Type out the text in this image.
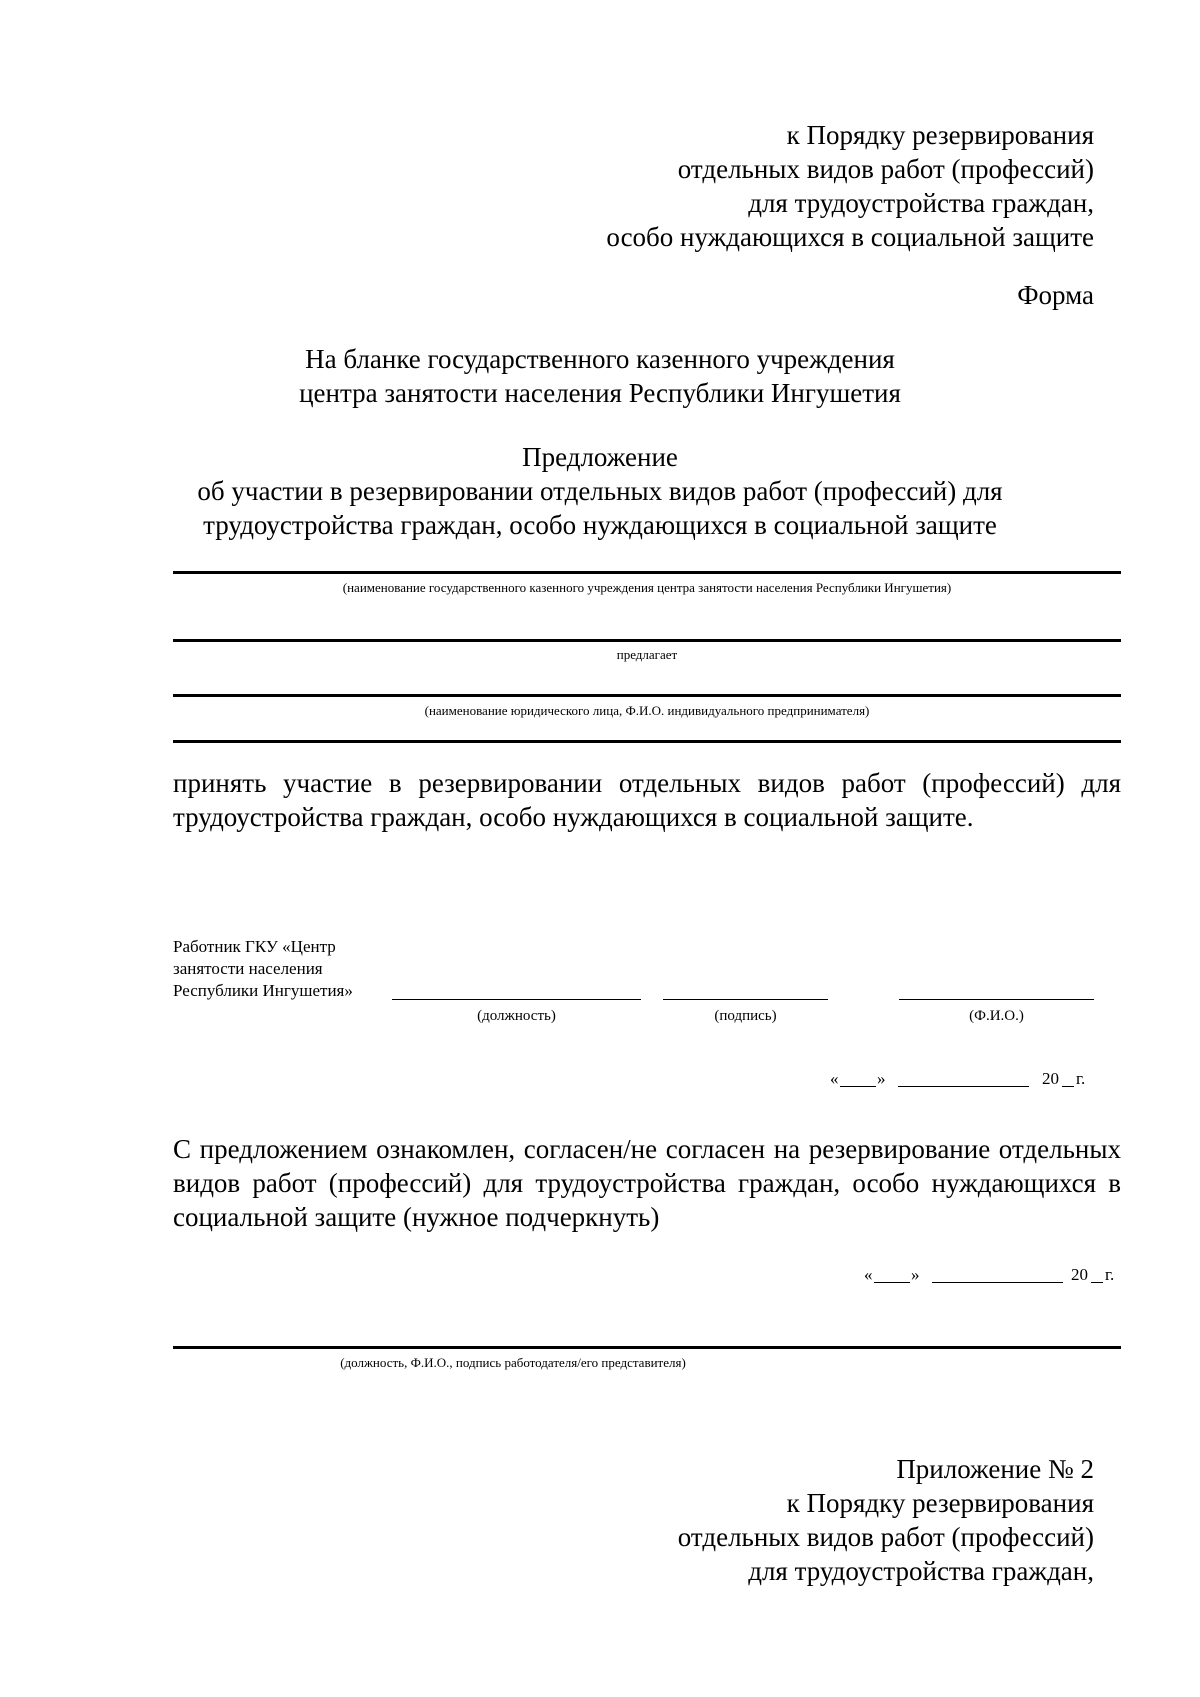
к Порядку резервирования
отдельных видов работ (профессий)
для трудоустройства граждан,
особо нуждающихся в социальной защите
Форма
На бланке государственного казенного учреждения
центра занятости населения Республики Ингушетия
Предложение
об участии в резервировании отдельных видов работ (профессий) для
трудоустройства граждан, особо нуждающихся в социальной защите
(наименование государственного казенного учреждения центра занятости населения Республики Ингушетия)
предлагает
(наименование юридического лица, Ф.И.О. индивидуального предпринимателя)
принять участие в резервировании отдельных видов работ (профессий) для трудоустройства граждан, особо нуждающихся в социальной защите.
Работник ГКУ «Центр
занятости населения
Республики Ингушетия»
(должность)	(подпись)	(Ф.И.О.)
« »	20 г.
С предложением ознакомлен, согласен/не согласен на резервирование отдельных видов работ (профессий) для трудоустройства граждан, особо нуждающихся в социальной защите (нужное подчеркнуть)
« »	20 г.
(должность, Ф.И.О., подпись работодателя/его представителя)
Приложение № 2
к Порядку резервирования
отдельных видов работ (профессий)
для трудоустройства граждан,
